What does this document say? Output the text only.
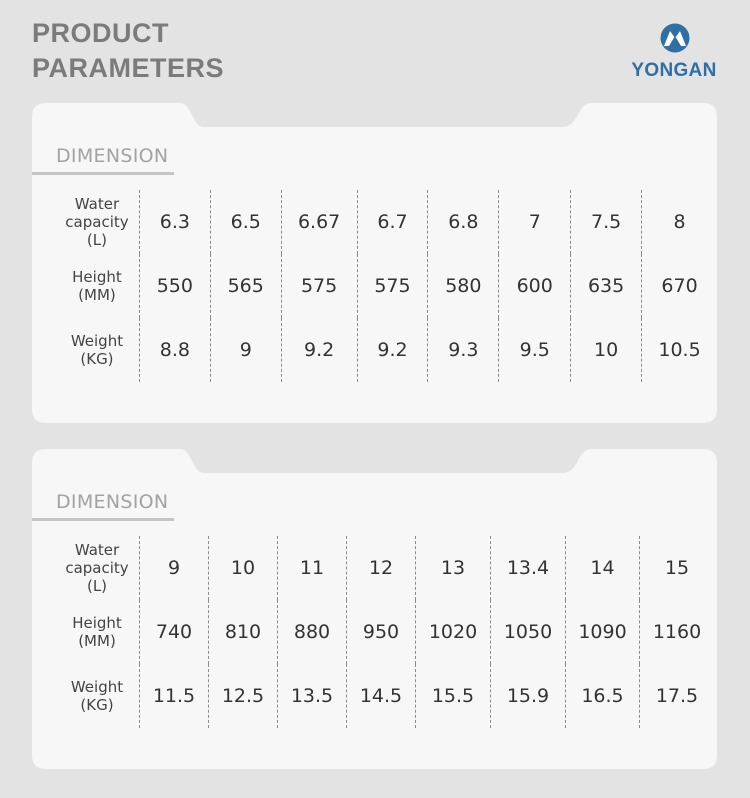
PRODUCT
PARAMETERS	YONGAN
DIMENSION
Water
capacity
(L)	6.3	6.5	6.67	6.7	6.8	7	7.5	8

Height
(MM)	550	565	575	575	580	600	635	670

Weight
(KG)	8.8	9	9.2	9.2	9.3	9.5	10	10.5
DIMENSION
Water
capacity
(L)	9	10	11	12	13	13.4	14	15

Height
(MM)	740	810	880	950	1020	1050	1090	1160

Weight
(KG)	11.5	12.5	13.5	14.5	15.5	15.9	16.5	17.5
